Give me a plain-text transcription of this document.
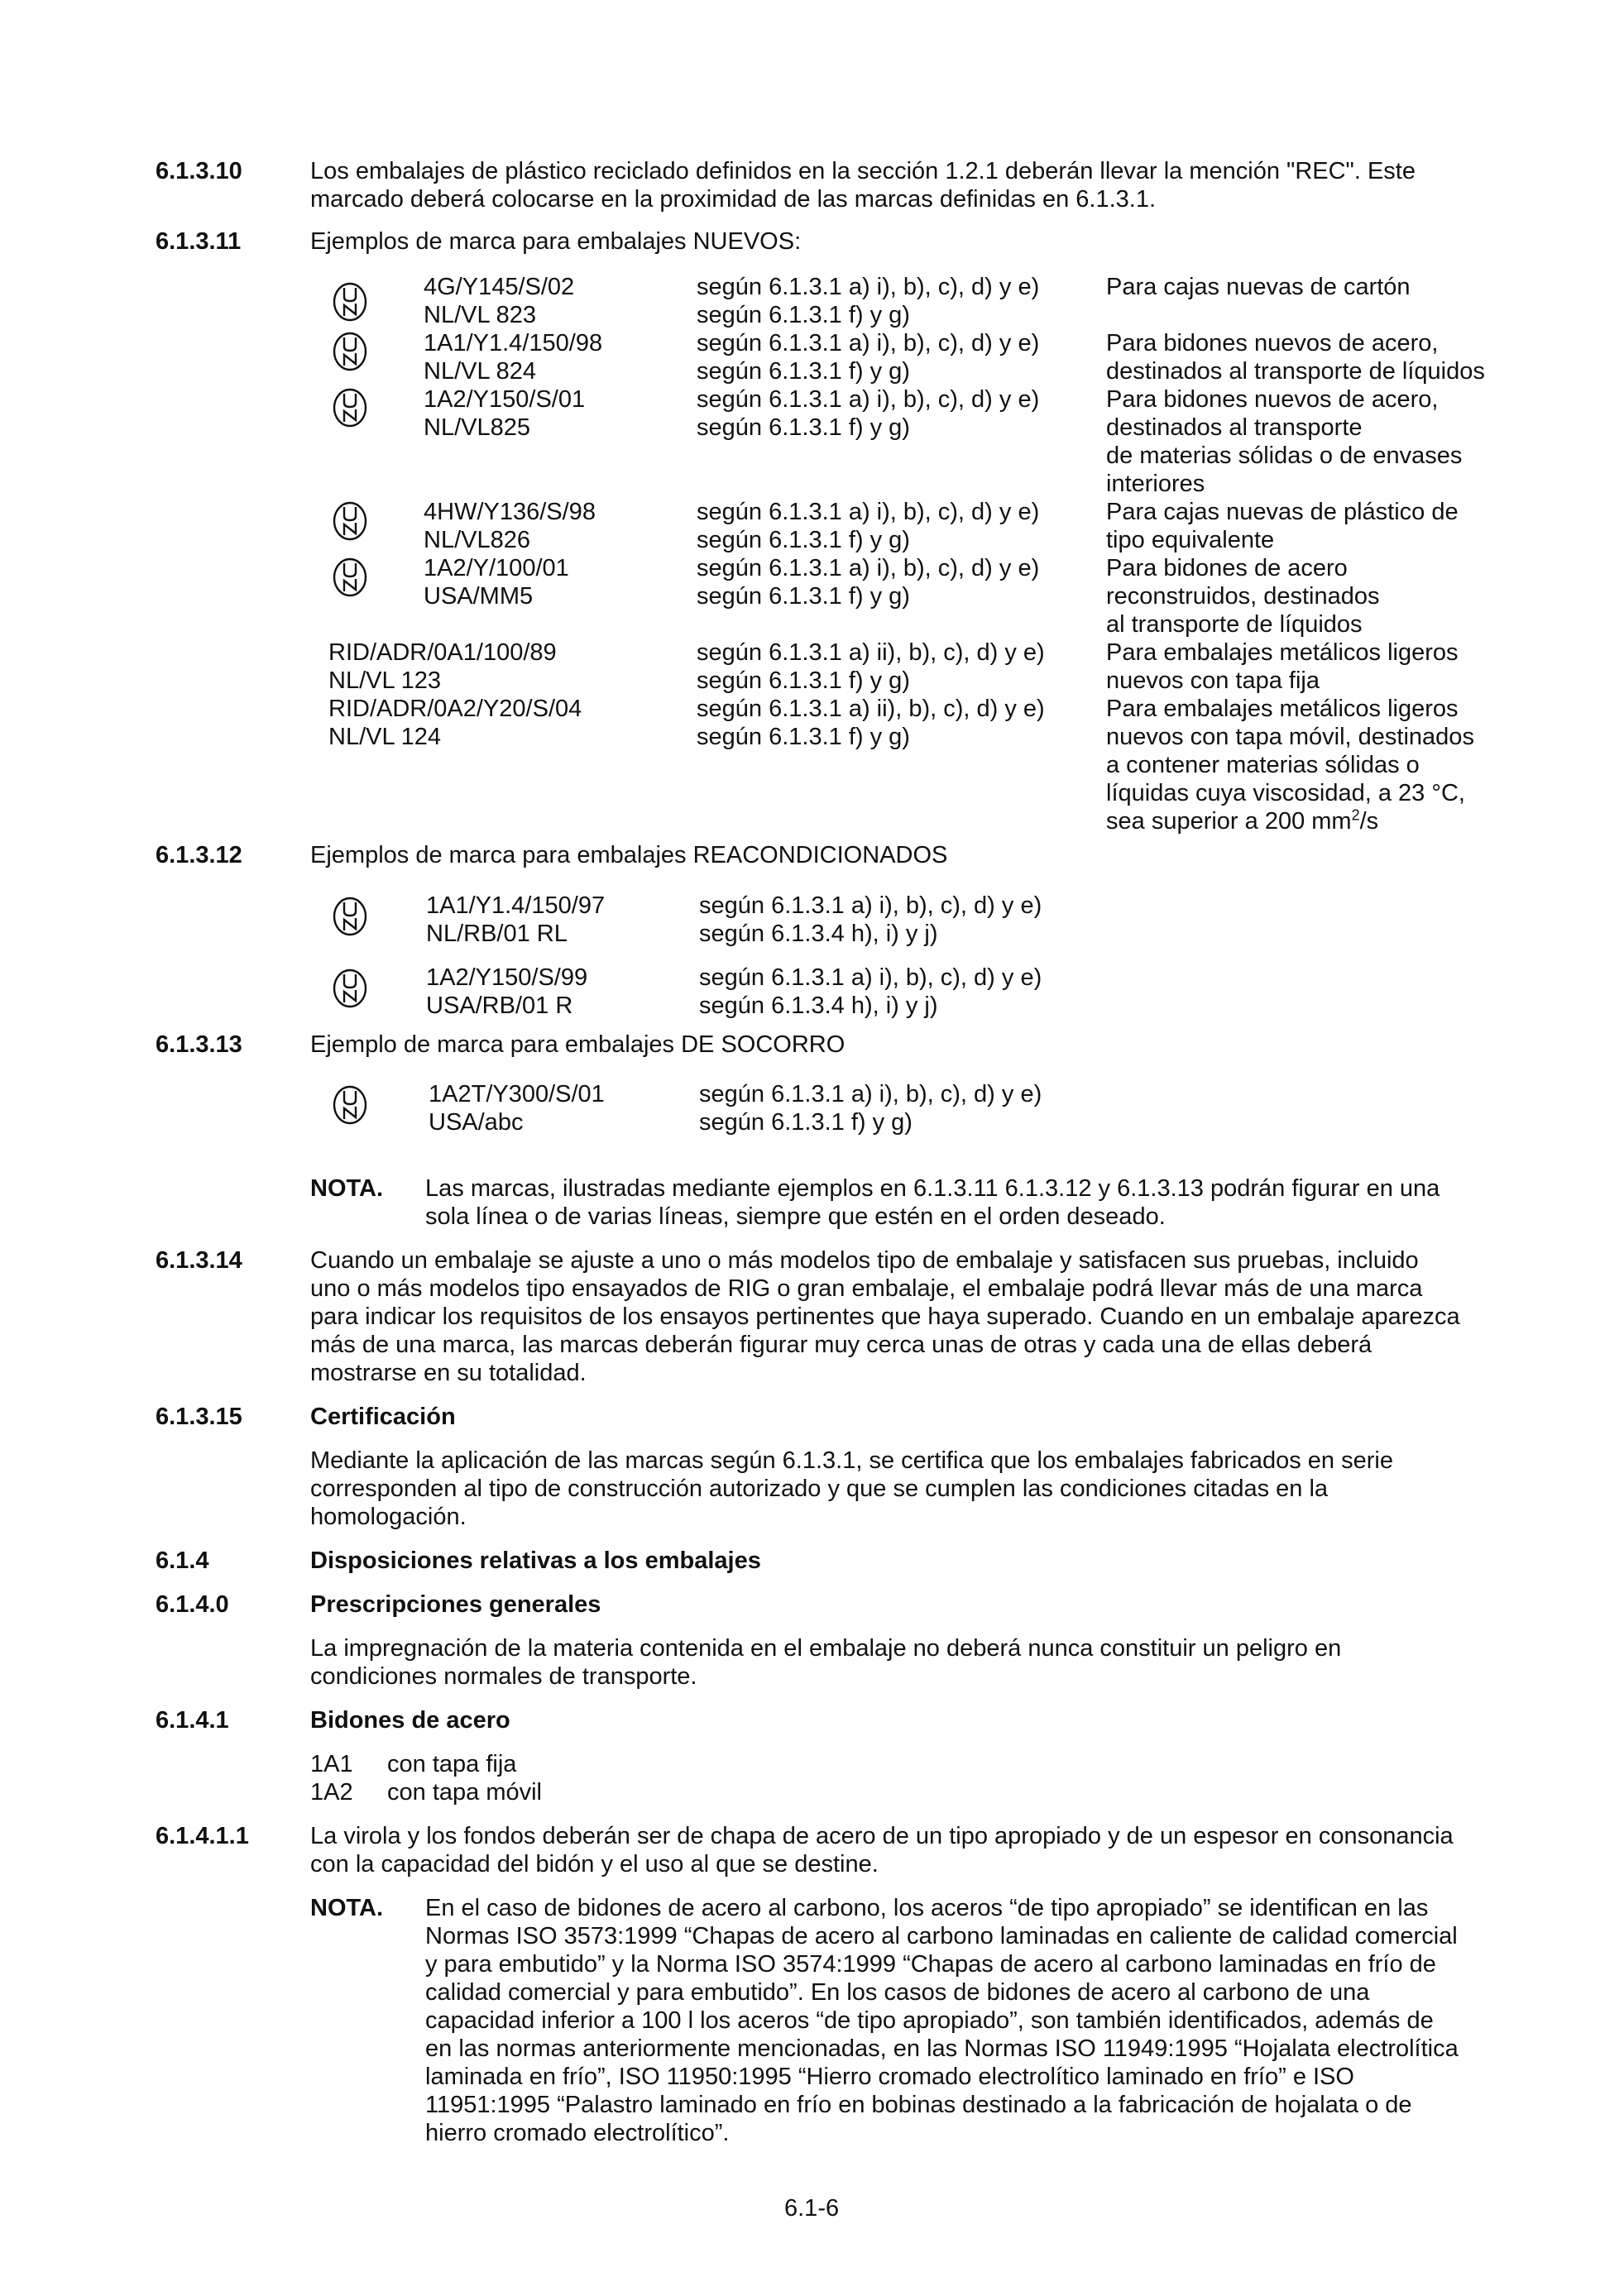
6.1.3.10	Los embalajes de plástico reciclado definidos en la sección 1.2.1 deberán llevar la mención "REC". Este

marcado deberá colocarse en la proximidad de las marcas definidas en 6.1.3.1.

6.1.3.11	Ejemplos de marca para embalajes NUEVOS:

4G/Y145/S/02	según 6.1.3.1 a) i), b), c), d) y e)	Para cajas nuevas de cartón

NL/VL 823	según 6.1.3.1 f) y g)

1A1/Y1.4/150/98	según 6.1.3.1 a) i), b), c), d) y e)	Para bidones nuevos de acero,

NL/VL 824	según 6.1.3.1 f) y g)	destinados al transporte de líquidos

1A2/Y150/S/01	según 6.1.3.1 a) i), b), c), d) y e)	Para bidones nuevos de acero,

NL/VL825	según 6.1.3.1 f) y g)	destinados al transporte

de materias sólidas o de envases

interiores

4HW/Y136/S/98	según 6.1.3.1 a) i), b), c), d) y e)	Para cajas nuevas de plástico de

NL/VL826	según 6.1.3.1 f) y g)	tipo equivalente

1A2/Y/100/01	según 6.1.3.1 a) i), b), c), d) y e)	Para bidones de acero

USA/MM5	según 6.1.3.1 f) y g)	reconstruidos, destinados

al transporte de líquidos

RID/ADR/0A1/100/89	según 6.1.3.1 a) ii), b), c), d) y e)	Para embalajes metálicos ligeros

NL/VL 123	según 6.1.3.1 f) y g)	nuevos con tapa fija

RID/ADR/0A2/Y20/S/04	según 6.1.3.1 a) ii), b), c), d) y e)	Para embalajes metálicos ligeros

NL/VL 124	según 6.1.3.1 f) y g)	nuevos con tapa móvil, destinados

a contener materias sólidas o

líquidas cuya viscosidad, a 23 °C,

sea superior a 200 $mm^2/s$

6.1.3.12	Ejemplos de marca para embalajes REACONDICIONADOS

1A1/Y1.4/150/97	según 6.1.3.1 a) i), b), c), d) y e)

NL/RB/01 RL	según 6.1.3.4 h), i) y j)

1A2/Y150/S/99	según 6.1.3.1 a) i), b), c), d) y e)

USA/RB/01 R	según 6.1.3.4 h), i) y j)

6.1.3.13	Ejemplo de marca para embalajes DE SOCORRO

1A2T/Y300/S/01	según 6.1.3.1 a) i), b), c), d) y e)

USA/abc	según 6.1.3.1 f) y g)

NOTA. Las marcas, ilustradas mediante ejemplos en 6.1.3.11 6.1.3.12 y 6.1.3.13 podrán figurar en una

sola línea o de varias líneas, siempre que estén en el orden deseado.

6.1.3.14	Cuando un embalaje se ajuste a uno o más modelos tipo de embalaje y satisfacen sus pruebas, incluido

uno o más modelos tipo ensayados de RIG o gran embalaje, el embalaje podrá llevar más de una marca

para indicar los requisitos de los ensayos pertinentes que haya superado. Cuando en un embalaje aparezca

más de una marca, las marcas deberán figurar muy cerca unas de otras y cada una de ellas deberá

mostrarse en su totalidad.

6.1.3.15	Certificación

Mediante la aplicación de las marcas según 6.1.3.1, se certifica que los embalajes fabricados en serie

corresponden al tipo de construcción autorizado y que se cumplen las condiciones citadas en la

homologación.

6.1.4	Disposiciones relativas a los embalajes

6.1.4.0	Prescripciones generales

La impregnación de la materia contenida en el embalaje no deberá nunca constituir un peligro en

condiciones normales de transporte.

6.1.4.1	Bidones de acero

1A1 con tapa fija

1A2 con tapa móvil

6.1.4.1.1	La virola y los fondos deberán ser de chapa de acero de un tipo apropiado y de un espesor en consonancia

con la capacidad del bidón y el uso al que se destine.

NOTA. En el caso de bidones de acero al carbono, los aceros “de tipo apropiado” se identifican en las

Normas ISO 3573:1999 “Chapas de acero al carbono laminadas en caliente de calidad comercial

y para embutido” y la Norma ISO 3574:1999 “Chapas de acero al carbono laminadas en frío de

calidad comercial y para embutido”. En los casos de bidones de acero al carbono de una

capacidad inferior a 100 l los aceros “de tipo apropiado”, son también identificados, además de

en las normas anteriormente mencionadas, en las Normas ISO 11949:1995 “Hojalata electrolítica

laminada en frío”, ISO 11950:1995 “Hierro cromado electrolítico laminado en frío” e ISO

11951:1995 “Palastro laminado en frío en bobinas destinado a la fabricación de hojalata o de

hierro cromado electrolítico”.

6.1-6
